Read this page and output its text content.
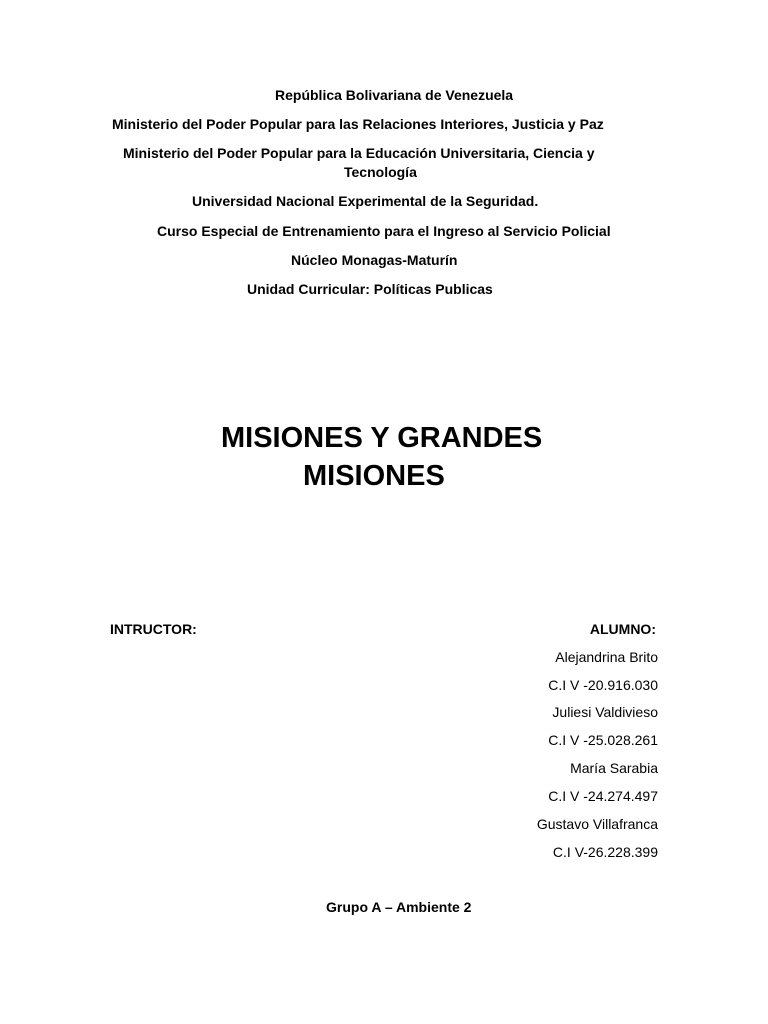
República Bolivariana de Venezuela
Ministerio del Poder Popular para las Relaciones Interiores, Justicia y Paz
Ministerio del Poder Popular para la Educación Universitaria, Ciencia y
Tecnología
Universidad Nacional Experimental de la Seguridad.
Curso Especial de Entrenamiento para el Ingreso al Servicio Policial
Núcleo Monagas-Maturín
Unidad Curricular: Políticas Publicas
MISIONES Y GRANDES
MISIONES
INTRUCTOR:	ALUMNO:
Alejandrina Brito
C.I V -20.916.030
Juliesi Valdivieso
C.I V -25.028.261
María Sarabia
C.I V -24.274.497
Gustavo Villafranca
C.I V-26.228.399
Grupo A – Ambiente 2
